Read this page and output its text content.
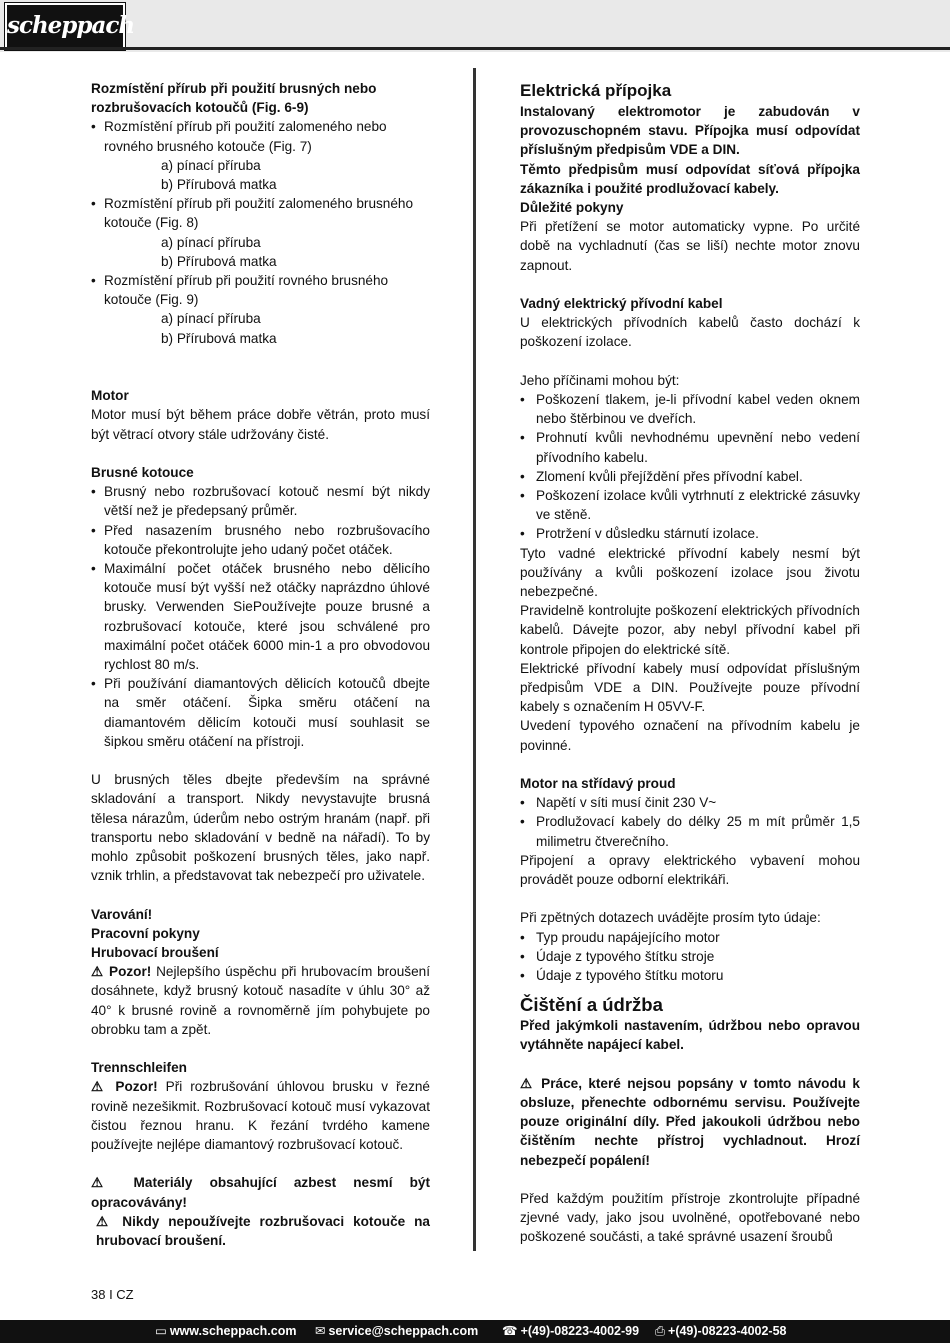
scheppach

Rozmístění přírub při použití brusných nebo rozbrušovacích kotoučů (Fig. 6-9)

• Rozmístění přírub při použití zalomeného nebo rovného brusného kotouče (Fig. 7)
a) pínací příruba
b) Přírubová matka
• Rozmístění přírub při použití zalomeného brusného kotouče (Fig. 8)
a) pínací příruba
b) Přírubová matka
• Rozmístění přírub při použití rovného brusného kotouče (Fig. 9)
a) pínací příruba
b) Přírubová matka

Motor

Motor musí být během práce dobře větrán, proto musí být větrací otvory stále udržovány čisté.

Brusné kotouce

• Brusný nebo rozbrušovací kotouč nesmí být nikdy větší než je předepsaný průměr.
• Před nasazením brusného nebo rozbrušovacího kotouče překontrolujte jeho udaný počet otáček.
• Maximální počet otáček brusného nebo dělicího kotouče musí být vyšší než otáčky naprázdno úhlové brusky. Verwenden SiePoužívejte pouze brusné a rozbrušovací kotouče, které jsou schválené pro maximální počet otáček 6000 min-1 a pro obvodovou rychlost 80 m/s.
• Při používání diamantových dělicích kotoučů dbejte na směr otáčení. Šipka směru otáčení na diamantovém dělicím kotouči musí souhlasit se šipkou směru otáčení na přístroji.

U brusných těles dbejte především na správné skladování a transport. Nikdy nevystavujte brusná tělesa nárazům, úderům nebo ostrým hranám (např. při transportu nebo skladování v bedně na nářadí). To by mohlo způsobit poškození brusných těles, jako např. vznik trhlin, a představovat tak nebezpečí pro uživatele.

Varování!

Pracovní pokyny

Hrubovací broušení

⚠ Pozor! Nejlepšího úspěchu při hrubovacím broušení dosáhnete, když brusný kotouč nasadíte v úhlu 30° až 40° k brusné rovině a rovnoměrně jím pohybujete po obrobku tam a zpět.

Trennschleifen

⚠ Pozor! Při rozbrušování úhlovou brusku v řezné rovině nezešikmit. Rozbrušovací kotouč musí vykazovat čistou řeznou hranu. K řezání tvrdého kamene používejte nejlépe diamantový rozbrušovací kotouč.

⚠ Materiály obsahující azbest nesmí být opracovávány!

⚠ Nikdy nepoužívejte rozbrušovaci kotouče na hrubovací broušení.

Elektrická přípojka

Instalovaný elektromotor je zabudován v provozuschopném stavu. Přípojka musí odpovídat příslušným předpisům VDE a DIN.

Těmto předpisům musí odpovídat síťová přípojka zákazníka i použité prodlužovací kabely.

Důležité pokyny

Při přetížení se motor automaticky vypne. Po určité době na vychladnutí (čas se liší) nechte motor znovu zapnout.

Vadný elektrický přívodní kabel

U elektrických přívodních kabelů často dochází k poškození izolace.

Jeho příčinami mohou být:

• Poškození tlakem, je-li přívodní kabel veden oknem nebo štěrbinou ve dveřích.
• Prohnutí kvůli nevhodnému upevnění nebo vedení přívodního kabelu.
• Zlomení kvůli přejíždění přes přívodní kabel.
• Poškození izolace kvůli vytrhnutí z elektrické zásuvky ve stěně.
• Protržení v důsledku stárnutí izolace.

Tyto vadné elektrické přívodní kabely nesmí být používány a kvůli poškození izolace jsou životu nebezpečné.

Pravidelně kontrolujte poškození elektrických přívodních kabelů. Dávejte pozor, aby nebyl přívodní kabel při kontrole připojen do elektrické sítě.

Elektrické přívodní kabely musí odpovídat příslušným předpisům VDE a DIN. Používejte pouze přívodní kabely s označením H 05VV-F.

Uvedení typového označení na přívodním kabelu je povinné.

Motor na střídavý proud

• Napětí v síti musí činit 230 V~
• Prodlužovací kabely do délky 25 m mít průměr 1,5 milimetru čtverečního.

Připojení a opravy elektrického vybavení mohou provádět pouze odborní elektrikáři.

Při zpětných dotazech uvádějte prosím tyto údaje:

• Typ proudu napájejícího motor
• Údaje z typového štítku stroje
• Údaje z typového štítku motoru

Čištění a údržba

Před jakýmkoli nastavením, údržbou nebo opravou vytáhněte napájecí kabel.

⚠ Práce, které nejsou popsány v tomto návodu k obsluze, přenechte odbornému servisu. Používejte pouze originální díly. Před jakoukoli údržbou nebo čištěním nechte přístroj vychladnout. Hrozí nebezpečí popálení!

Před každým použitím přístroje zkontrolujte případné zjevné vady, jako jsou uvolněné, opotřebované nebo poškozené součásti, a také správné usazení šroubů

38 I CZ
▭ www.scheppach.com ✉ service@scheppach.com ☎ +(49)-08223-4002-99 ⎙ +(49)-08223-4002-58
